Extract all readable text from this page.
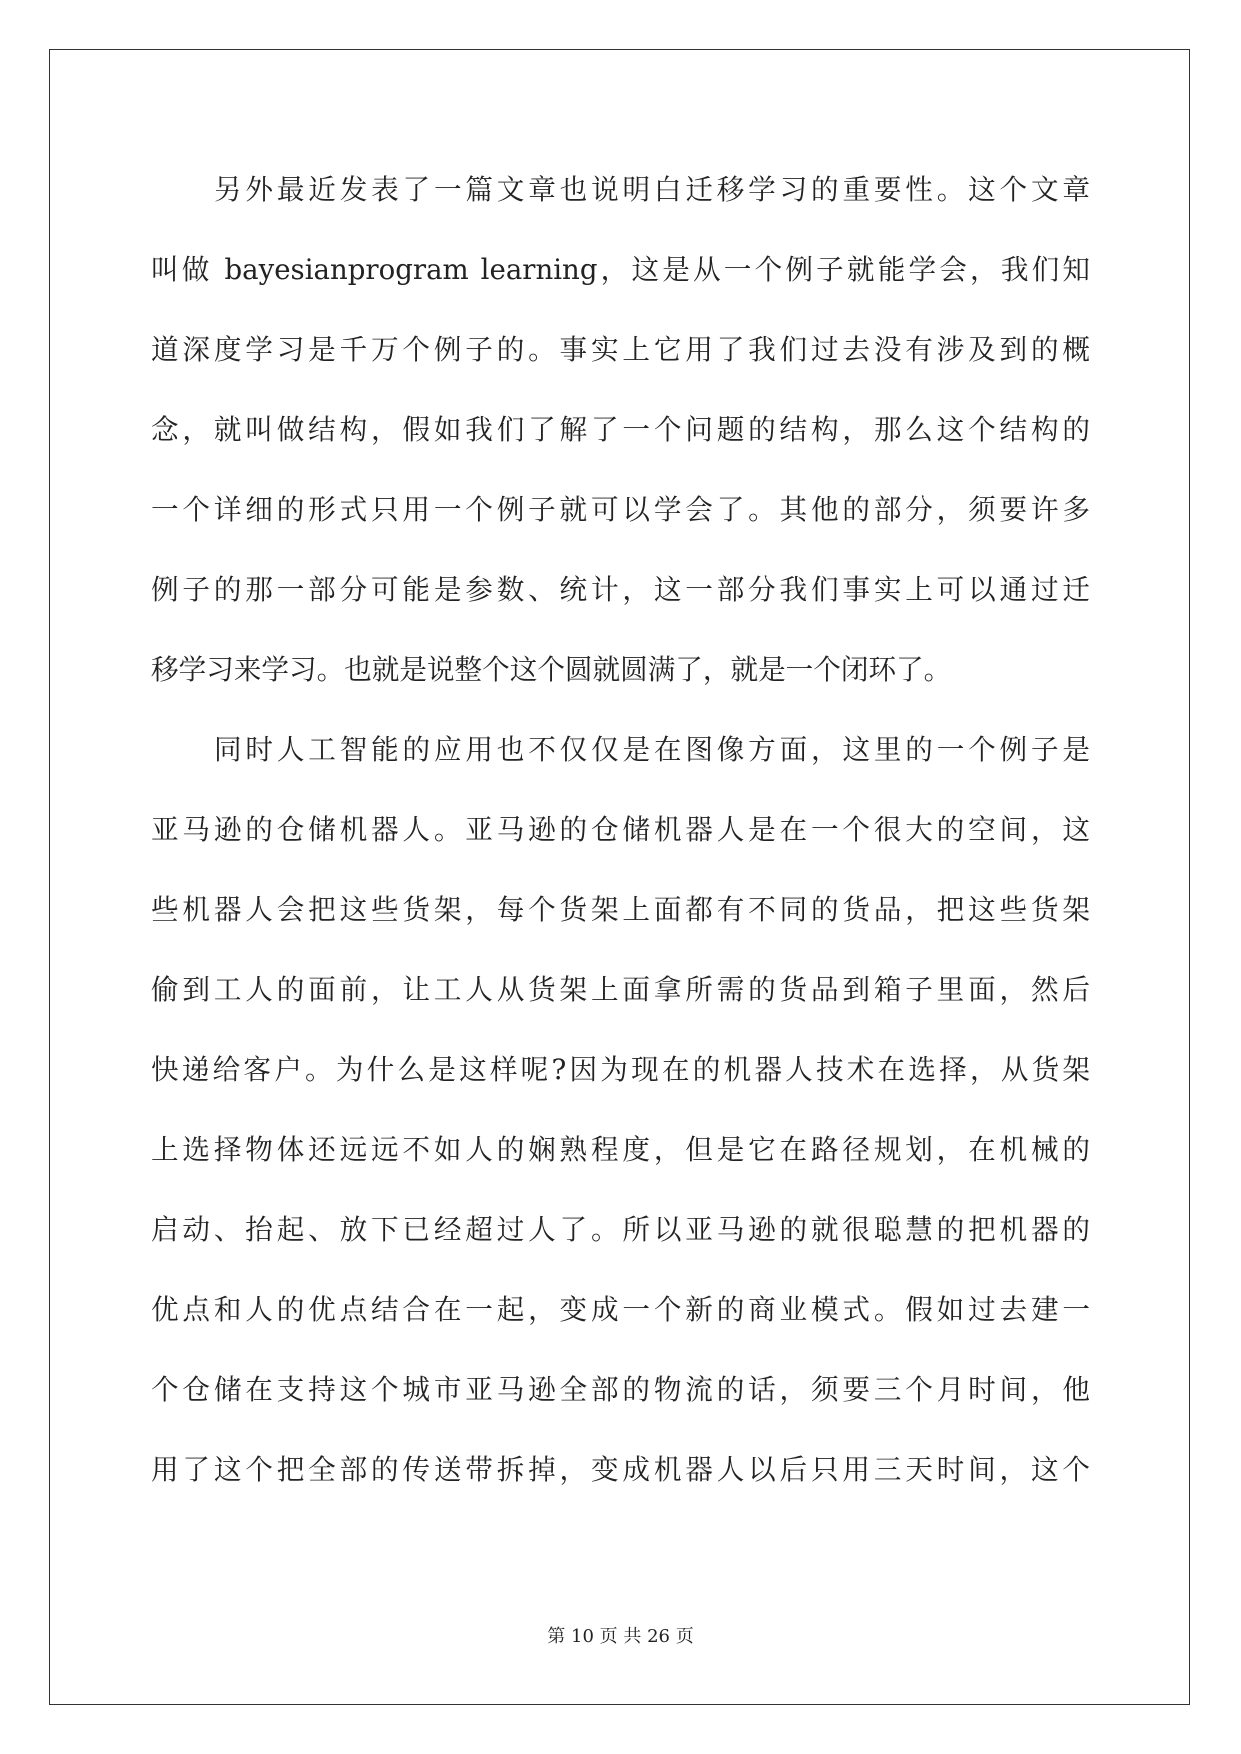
另外最近发表了一篇文章也说明白迁移学习的重要性。这个文章
叫做 bayesianprogram learning，这是从一个例子就能学会，我们知
道深度学习是千万个例子的。事实上它用了我们过去没有涉及到的概
念，就叫做结构，假如我们了解了一个问题的结构，那么这个结构的
一个详细的形式只用一个例子就可以学会了。其他的部分，须要许多
例子的那一部分可能是参数、统计，这一部分我们事实上可以通过迁
移学习来学习。也就是说整个这个圆就圆满了，就是一个闭环了。
同时人工智能的应用也不仅仅是在图像方面，这里的一个例子是
亚马逊的仓储机器人。亚马逊的仓储机器人是在一个很大的空间，这
些机器人会把这些货架，每个货架上面都有不同的货品，把这些货架
偷到工人的面前，让工人从货架上面拿所需的货品到箱子里面，然后
快递给客户。为什么是这样呢?因为现在的机器人技术在选择，从货架
上选择物体还远远不如人的娴熟程度，但是它在路径规划，在机械的
启动、抬起、放下已经超过人了。所以亚马逊的就很聪慧的把机器的
优点和人的优点结合在一起，变成一个新的商业模式。假如过去建一
个仓储在支持这个城市亚马逊全部的物流的话，须要三个月时间，他
用了这个把全部的传送带拆掉，变成机器人以后只用三天时间，这个
第 10 页 共 26 页
